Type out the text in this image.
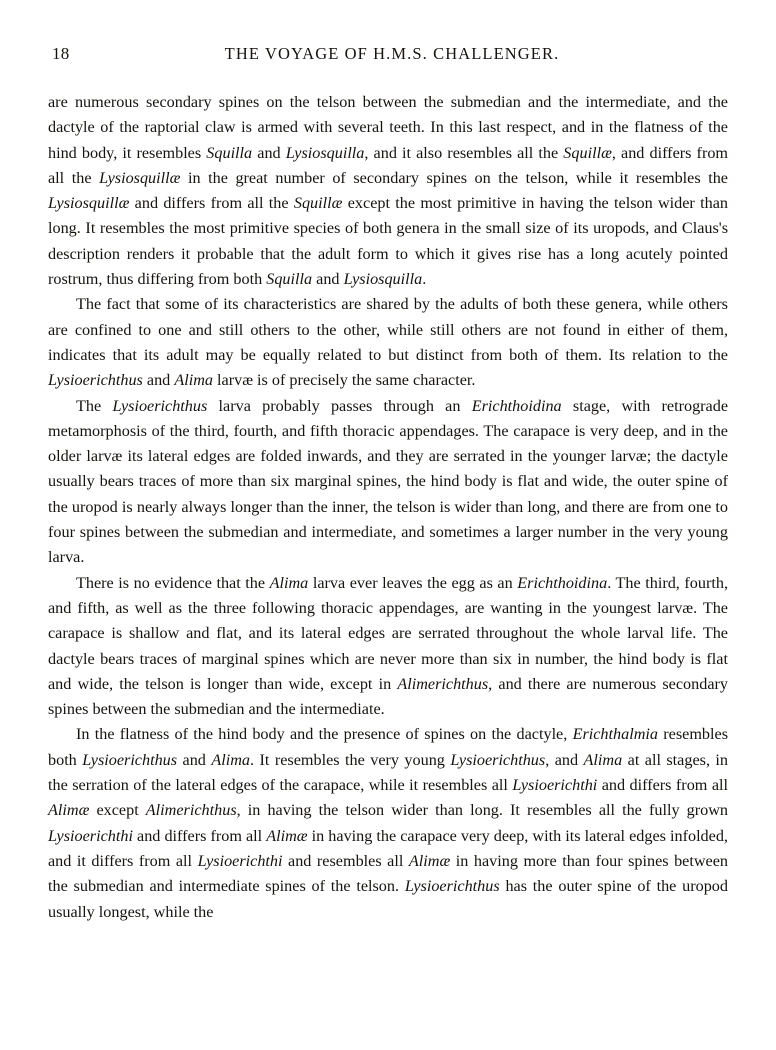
18	THE VOYAGE OF H.M.S. CHALLENGER.

are numerous secondary spines on the telson between the submedian and the intermediate, and the dactyle of the raptorial claw is armed with several teeth. In this last respect, and in the flatness of the hind body, it resembles Squilla and Lysiosquilla, and it also resembles all the Squillæ, and differs from all the Lysiosquillæ in the great number of secondary spines on the telson, while it resembles the Lysiosquillæ and differs from all the Squillæ except the most primitive in having the telson wider than long. It resembles the most primitive species of both genera in the small size of its uropods, and Claus's description renders it probable that the adult form to which it gives rise has a long acutely pointed rostrum, thus differing from both Squilla and Lysiosquilla.

The fact that some of its characteristics are shared by the adults of both these genera, while others are confined to one and still others to the other, while still others are not found in either of them, indicates that its adult may be equally related to but distinct from both of them. Its relation to the Lysioerichthus and Alima larvæ is of precisely the same character.

The Lysioerichthus larva probably passes through an Erichthoidina stage, with retrograde metamorphosis of the third, fourth, and fifth thoracic appendages. The carapace is very deep, and in the older larvæ its lateral edges are folded inwards, and they are serrated in the younger larvæ; the dactyle usually bears traces of more than six marginal spines, the hind body is flat and wide, the outer spine of the uropod is nearly always longer than the inner, the telson is wider than long, and there are from one to four spines between the submedian and intermediate, and sometimes a larger number in the very young larva.

There is no evidence that the Alima larva ever leaves the egg as an Erichthoidina. The third, fourth, and fifth, as well as the three following thoracic appendages, are wanting in the youngest larvæ. The carapace is shallow and flat, and its lateral edges are serrated throughout the whole larval life. The dactyle bears traces of marginal spines which are never more than six in number, the hind body is flat and wide, the telson is longer than wide, except in Alimerichthus, and there are numerous secondary spines between the submedian and the intermediate.

In the flatness of the hind body and the presence of spines on the dactyle, Erichthalmia resembles both Lysioerichthus and Alima. It resembles the very young Lysioerichthus, and Alima at all stages, in the serration of the lateral edges of the carapace, while it resembles all Lysioerichthi and differs from all Alimæ except Alimerichthus, in having the telson wider than long. It resembles all the fully grown Lysioerichthi and differs from all Alimæ in having the carapace very deep, with its lateral edges infolded, and it differs from all Lysioerichthi and resembles all Alimæ in having more than four spines between the submedian and intermediate spines of the telson. Lysioerichthus has the outer spine of the uropod usually longest, while the
